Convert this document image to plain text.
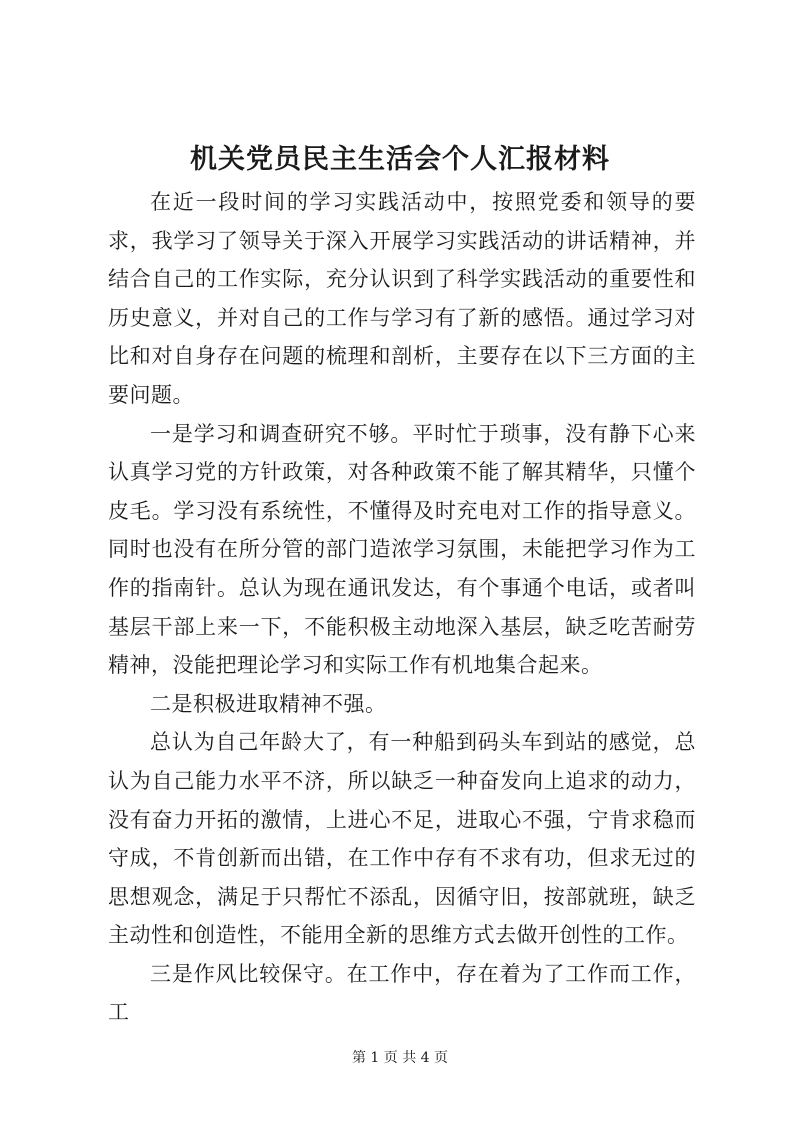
机关党员民主生活会个人汇报材料

在近一段时间的学习实践活动中，按照党委和领导的要求，我学习了领导关于深入开展学习实践活动的讲话精神，并结合自己的工作实际，充分认识到了科学实践活动的重要性和历史意义，并对自己的工作与学习有了新的感悟。通过学习对比和对自身存在问题的梳理和剖析，主要存在以下三方面的主要问题。

一是学习和调查研究不够。平时忙于琐事，没有静下心来认真学习党的方针政策，对各种政策不能了解其精华，只懂个皮毛。学习没有系统性，不懂得及时充电对工作的指导意义。同时也没有在所分管的部门造浓学习氛围，未能把学习作为工作的指南针。总认为现在通讯发达，有个事通个电话，或者叫基层干部上来一下，不能积极主动地深入基层，缺乏吃苦耐劳精神，没能把理论学习和实际工作有机地集合起来。

二是积极进取精神不强。

总认为自己年龄大了，有一种船到码头车到站的感觉，总认为自己能力水平不济，所以缺乏一种奋发向上追求的动力，没有奋力开拓的激情，上进心不足，进取心不强，宁肯求稳而守成，不肯创新而出错，在工作中存有不求有功，但求无过的思想观念，满足于只帮忙不添乱，因循守旧，按部就班，缺乏主动性和创造性，不能用全新的思维方式去做开创性的工作。

三是作风比较保守。在工作中，存在着为了工作而工作，工

第 1 页 共 4 页
